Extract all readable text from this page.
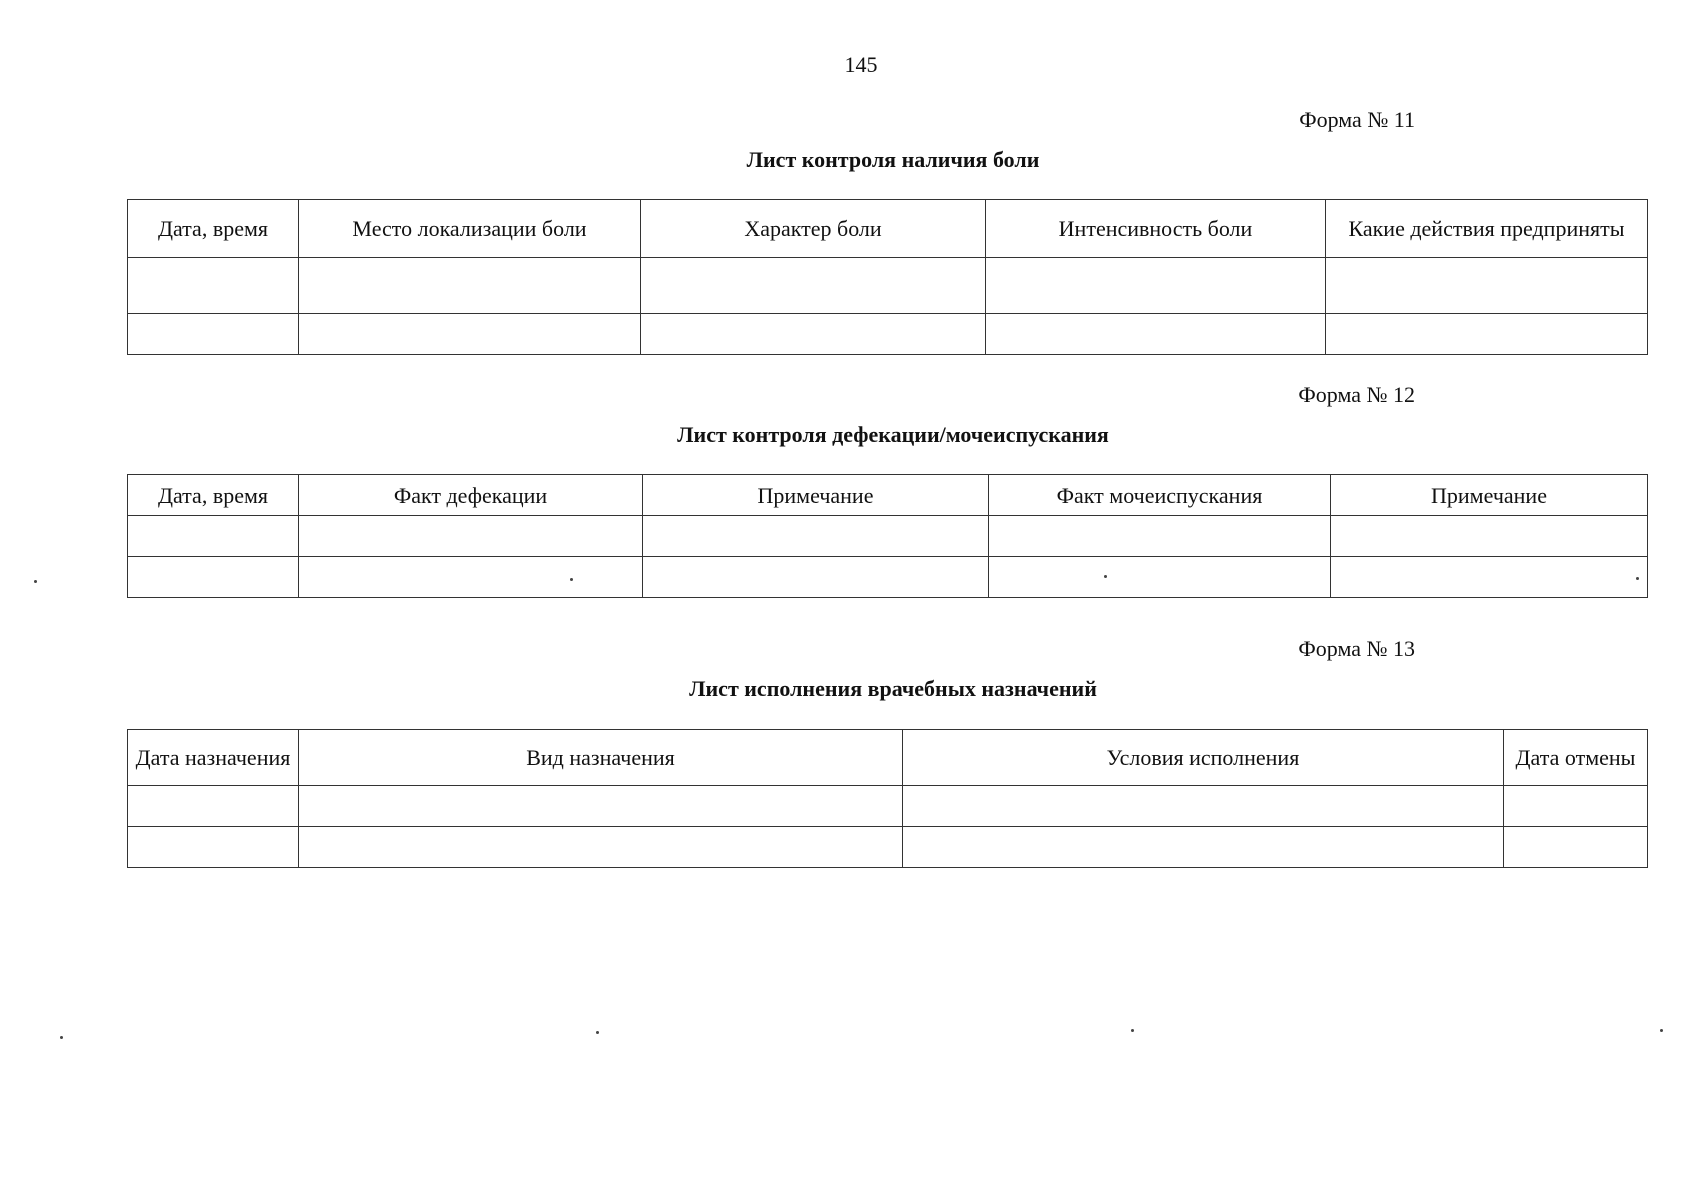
145
Форма № 11
Лист контроля наличия боли
Дата, время	Место локализации боли	Характер боли	Интенсивность боли	Какие действия предприняты

Форма № 12
Лист контроля дефекации/мочеиспускания
Дата, время	Факт дефекации	Примечание	Факт мочеиспускания	Примечание

Форма № 13
Лист исполнения врачебных назначений
Дата назначения	Вид назначения	Условия исполнения	Дата отмены
